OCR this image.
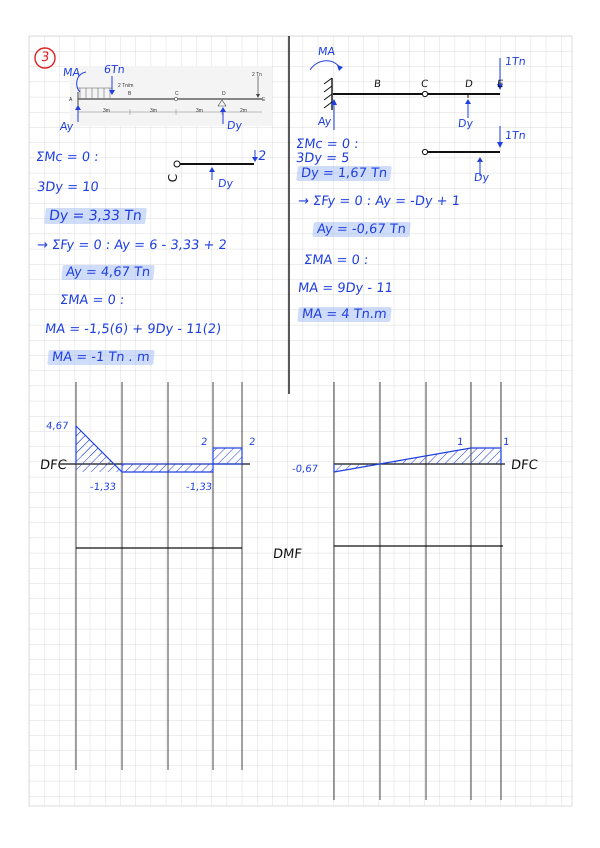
3
2 Tn/m
2 Tn
A
B	C	D
E
3m	3m	3m	2m
6Tn
MA
Ay	Dy
ΣMc = 0 :
3Dy = 10
Dy = 3,33 Tn
→ ΣFy = 0 : Ay = 6 - 3,33 + 2
Ay = 4,67 Tn
ΣMA = 0 :
MA = -1,5(6) + 9Dy - 11(2)
MA = -1 Tn . m
C
2
Dy
MA
Ay
1Tn
B	C	D E
Dy
1Tn
Dy
ΣMc = 0 :
3Dy = 5
Dy = 1,67 Tn
→ ΣFy = 0 : Ay = -Dy + 1
Ay = -0,67 Tn
ΣMA = 0 :
MA = 9Dy - 11
MA = 4 Tn.m
DFC
4,67
-1,33	-1,33
2	2
DFC
-0,67
1	1
DMF
